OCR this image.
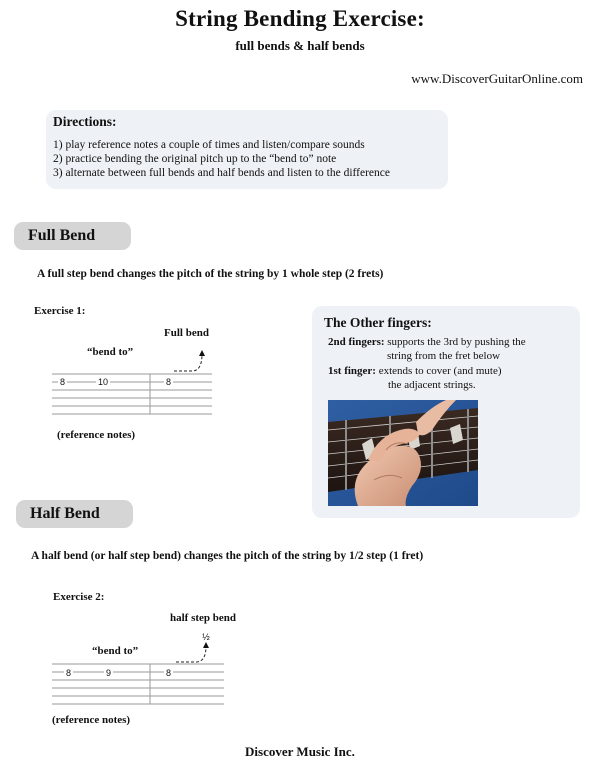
String Bending Exercise:
full bends & half bends
www.DiscoverGuitarOnline.com
Directions:
1) play reference notes a couple of times and listen/compare sounds
2) practice bending the original pitch up to the “bend to” note
3) alternate between full bends and half bends and listen to the difference
Full Bend
A full step bend changes the pitch of the string by 1 whole step (2 frets)
Exercise 1:
Full bend
“bend to”
8	10	8
(reference notes)
The Other fingers:
2nd fingers: supports the 3rd by pushing the
string from the fret below
1st finger: extends to cover (and mute)
the adjacent strings.
Half Bend
A half bend (or half step bend) changes the pitch of the string by 1/2 step (1 fret)
Exercise 2:
half step bend
“bend to”
8	9	8
½
(reference notes)
Discover Music Inc.
